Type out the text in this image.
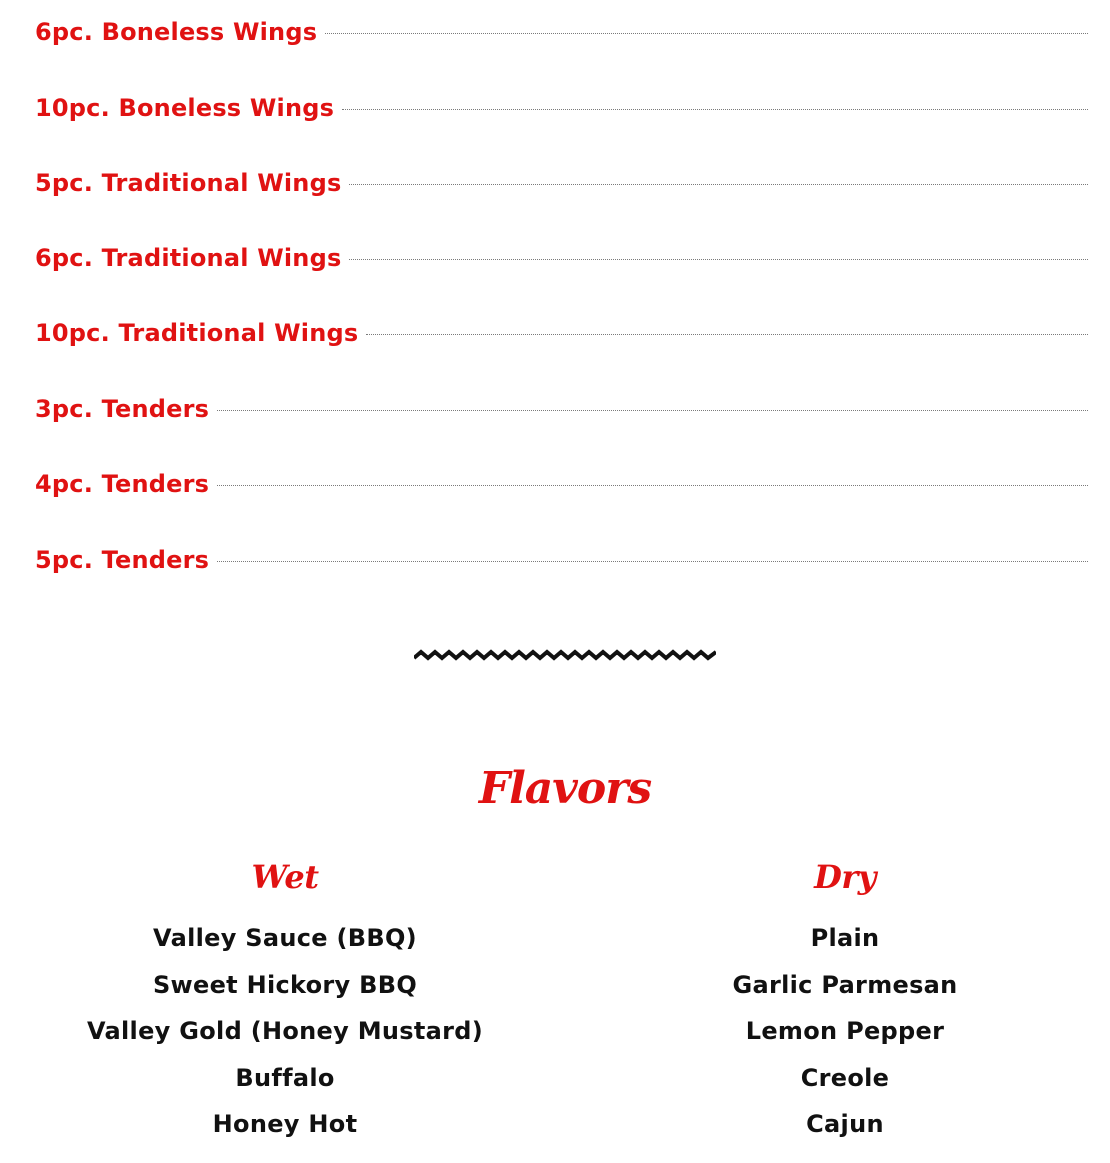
6pc. Boneless Wings
10pc. Boneless Wings
5pc. Traditional Wings
6pc. Traditional Wings
10pc. Traditional Wings
3pc. Tenders
4pc. Tenders
5pc. Tenders
Flavors
Wet
Valley Sauce (BBQ)
Sweet Hickory BBQ
Valley Gold (Honey Mustard)
Buffalo
Honey Hot
Dry
Plain
Garlic Parmesan
Lemon Pepper
Creole
Cajun
